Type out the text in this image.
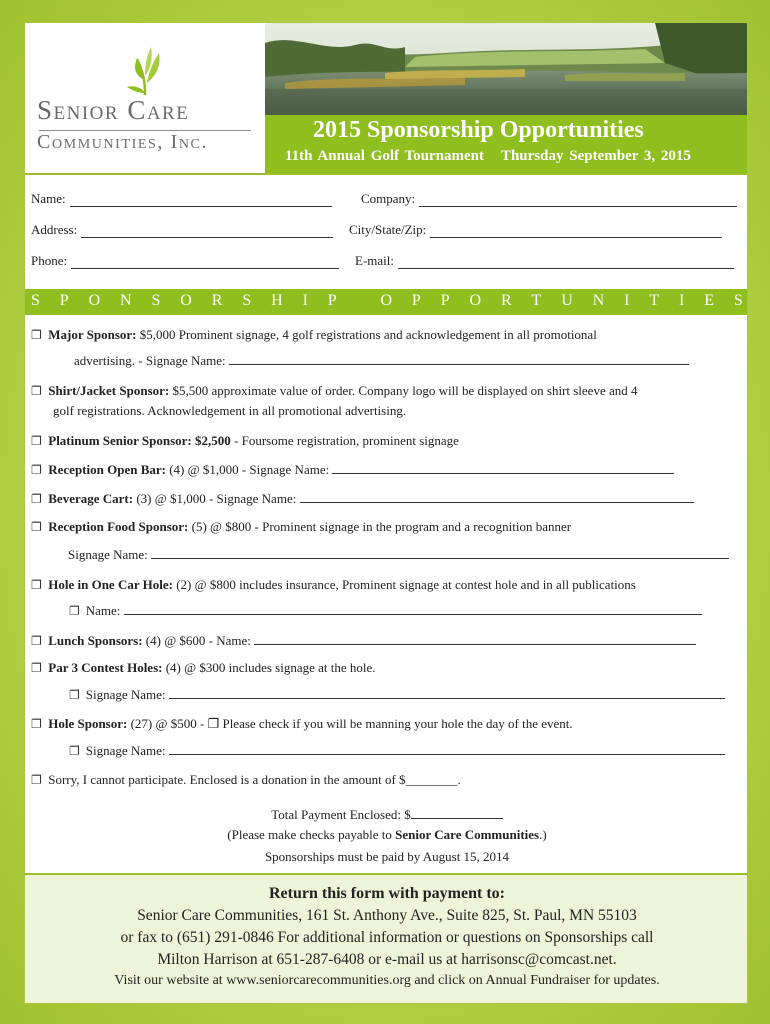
Senior Care
Communities, Inc.	2015 Sponsorship Opportunities
11th Annual Golf Tournament   Thursday September 3, 2015
Name:	Company:
Address:	City/State/Zip:
Phone:	E-mail:
S P O N S O R S H I P
	O P P O R T U N I T I E S
❐ Major Sponsor: $5,000 Prominent signage, 4 golf registrations and acknowledgement in all promotional
advertising. - Signage Name:
❐ Shirt/Jacket Sponsor: $5,500 approximate value of order. Company logo will be displayed on shirt sleeve and 4
golf registrations. Acknowledgement in all promotional advertising.
❐ Platinum Senior Sponsor: $2,500 - Foursome registration, prominent signage
❐ Reception Open Bar: (4) @ $1,000 - Signage Name:
❐ Beverage Cart: (3) @ $1,000 - Signage Name:
❐ Reception Food Sponsor: (5) @ $800 - Prominent signage in the program and a recognition banner
Signage Name:
❐ Hole in One Car Hole: (2) @ $800 includes insurance, Prominent signage at contest hole and in all publications
❐ Name:
❐ Lunch Sponsors: (4) @ $600 - Name:
❐ Par 3 Contest Holes: (4) @ $300 includes signage at the hole.
❐ Signage Name:
❐ Hole Sponsor: (27) @ $500 - ❐ Please check if you will be manning your hole the day of the event.
❐ Signage Name:
❐ Sorry, I cannot participate. Enclosed is a donation in the amount of $________.
Total Payment Enclosed: $
(Please make checks payable to Senior Care Communities.)
Sponsorships must be paid by August 15, 2014
Return this form with payment to:
Senior Care Communities, 161 St. Anthony Ave., Suite 825, St. Paul, MN 55103
or fax to (651) 291-0846 For additional information or questions on Sponsorships call
Milton Harrison at 651-287-6408 or e-mail us at harrisonsc@comcast.net.
Visit our website at www.seniorcarecommunities.org and click on Annual Fundraiser for updates.
